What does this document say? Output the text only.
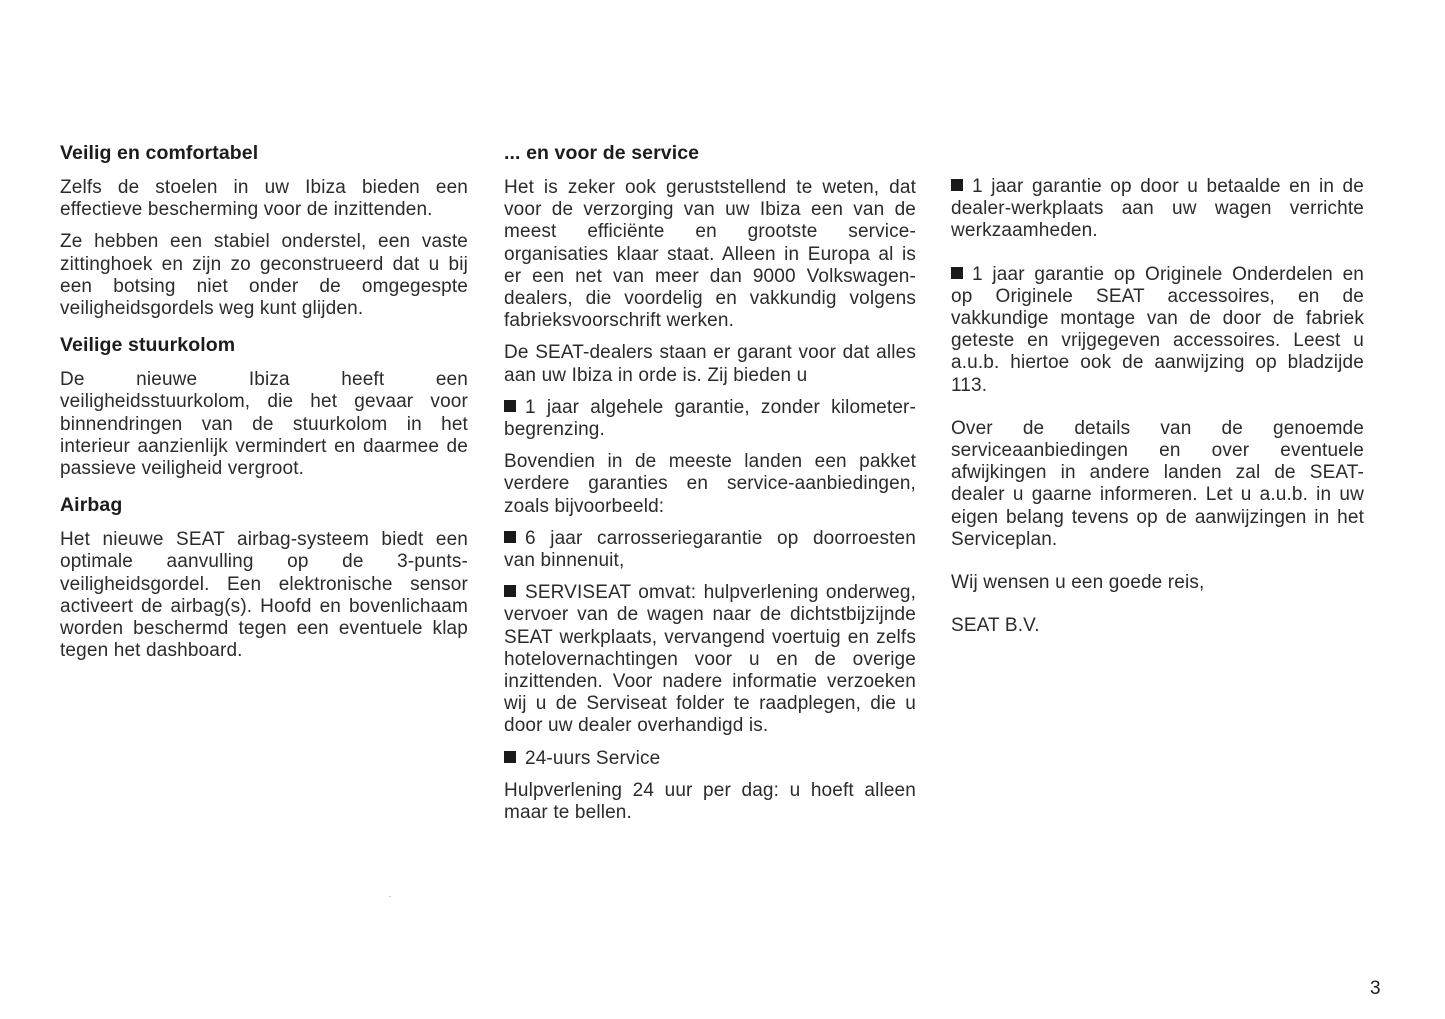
Veilig en comfortabel

Zelfs de stoelen in uw Ibiza bieden een effectieve bescherming voor de inzittenden.

Ze hebben een stabiel onderstel, een vaste zittinghoek en zijn zo geconstrueerd dat u bij een botsing niet onder de omgegespte veiligheidsgordels weg kunt glijden.

Veilige stuurkolom

De nieuwe Ibiza heeft een veiligheidsstuurkolom, die het gevaar voor binnendringen van de stuurkolom in het interieur aanzienlijk vermindert en daarmee de passieve veiligheid vergroot.

Airbag

Het nieuwe SEAT airbag-systeem biedt een optimale aanvulling op de 3-punts-veiligheidsgordel. Een elektronische sensor activeert de airbag(s). Hoofd en bovenlichaam worden beschermd tegen een eventuele klap tegen het dashboard.

... en voor de service

Het is zeker ook geruststellend te weten, dat voor de verzorging van uw Ibiza een van de meest efficiënte en grootste service-organisaties klaar staat. Alleen in Europa al is er een net van meer dan 9000 Volkswagen-dealers, die voordelig en vakkundig volgens fabrieksvoorschrift werken.

De SEAT-dealers staan er garant voor dat alles aan uw Ibiza in orde is. Zij bieden u

1 jaar algehele garantie, zonder kilometer-begrenzing.

Bovendien in de meeste landen een pakket verdere garanties en service-aanbiedingen, zoals bijvoorbeeld:

6 jaar carrosseriegarantie op doorroesten van binnenuit,

SERVISEAT omvat: hulpverlening onderweg, vervoer van de wagen naar de dichtstbijzijnde SEAT werkplaats, vervangend voertuig en zelfs hotelovernachtingen voor u en de overige inzittenden. Voor nadere informatie verzoeken wij u de Serviseat folder te raadplegen, die u door uw dealer overhandigd is.

24-uurs Service

Hulpverlening 24 uur per dag: u hoeft alleen maar te bellen.

1 jaar garantie op door u betaalde en in de dealer-werkplaats aan uw wagen verrichte werkzaamheden.

1 jaar garantie op Originele Onderdelen en op Originele SEAT accessoires, en de vakkundige montage van de door de fabriek geteste en vrijgegeven accessoires. Leest u a.u.b. hiertoe ook de aanwijzing op bladzijde 113.

Over de details van de genoemde serviceaanbiedingen en over eventuele afwijkingen in andere landen zal de SEAT-dealer u gaarne informeren. Let u a.u.b. in uw eigen belang tevens op de aanwijzingen in het Serviceplan.

Wij wensen u een goede reis,

SEAT B.V.

3
